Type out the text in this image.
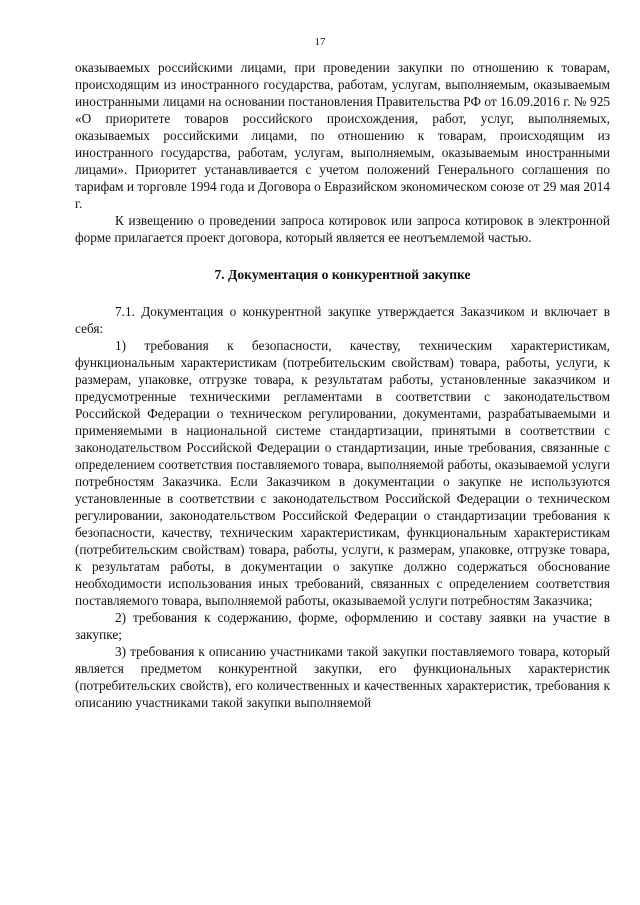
17

оказываемых российскими лицами, при проведении закупки по отношению к товарам, происходящим из иностранного государства, работам, услугам, выполняемым, оказываемым иностранными лицами на основании постановления Правительства РФ от 16.09.2016 г. № 925 «О приоритете товаров российского происхождения, работ, услуг, выполняемых, оказываемых российскими лицами, по отношению к товарам, происходящим из иностранного государства, работам, услугам, выполняемым, оказываемым иностранными лицами». Приоритет устанавливается с учетом положений Генерального соглашения по тарифам и торговле 1994 года и Договора о Евразийском экономическом союзе от 29 мая 2014 г.

К извещению о проведении запроса котировок или запроса котировок в электронной форме прилагается проект договора, который является ее неотъемлемой частью.

7. Документация о конкурентной закупке

7.1. Документация о конкурентной закупке утверждается Заказчиком и включает в себя:

1) требования к безопасности, качеству, техническим характеристикам, функциональным характеристикам (потребительским свойствам) товара, работы, услуги, к размерам, упаковке, отгрузке товара, к результатам работы, установленные заказчиком и предусмотренные техническими регламентами в соответствии с законодательством Российской Федерации о техническом регулировании, документами, разрабатываемыми и применяемыми в национальной системе стандартизации, принятыми в соответствии с законодательством Российской Федерации о стандартизации, иные требования, связанные с определением соответствия поставляемого товара, выполняемой работы, оказываемой услуги потребностям Заказчика. Если Заказчиком в документации о закупке не используются установленные в соответствии с законодательством Российской Федерации о техническом регулировании, законодательством Российской Федерации о стандартизации требования к безопасности, качеству, техническим характеристикам, функциональным характеристикам (потребительским свойствам) товара, работы, услуги, к размерам, упаковке, отгрузке товара, к результатам работы, в документации о закупке должно содержаться обоснование необходимости использования иных требований, связанных с определением соответствия поставляемого товара, выполняемой работы, оказываемой услуги потребностям Заказчика;

2) требования к содержанию, форме, оформлению и составу заявки на участие в закупке;

3) требования к описанию участниками такой закупки поставляемого товара, который является предметом конкурентной закупки, его функциональных характеристик (потребительских свойств), его количественных и качественных характеристик, требования к описанию участниками такой закупки выполняемой
